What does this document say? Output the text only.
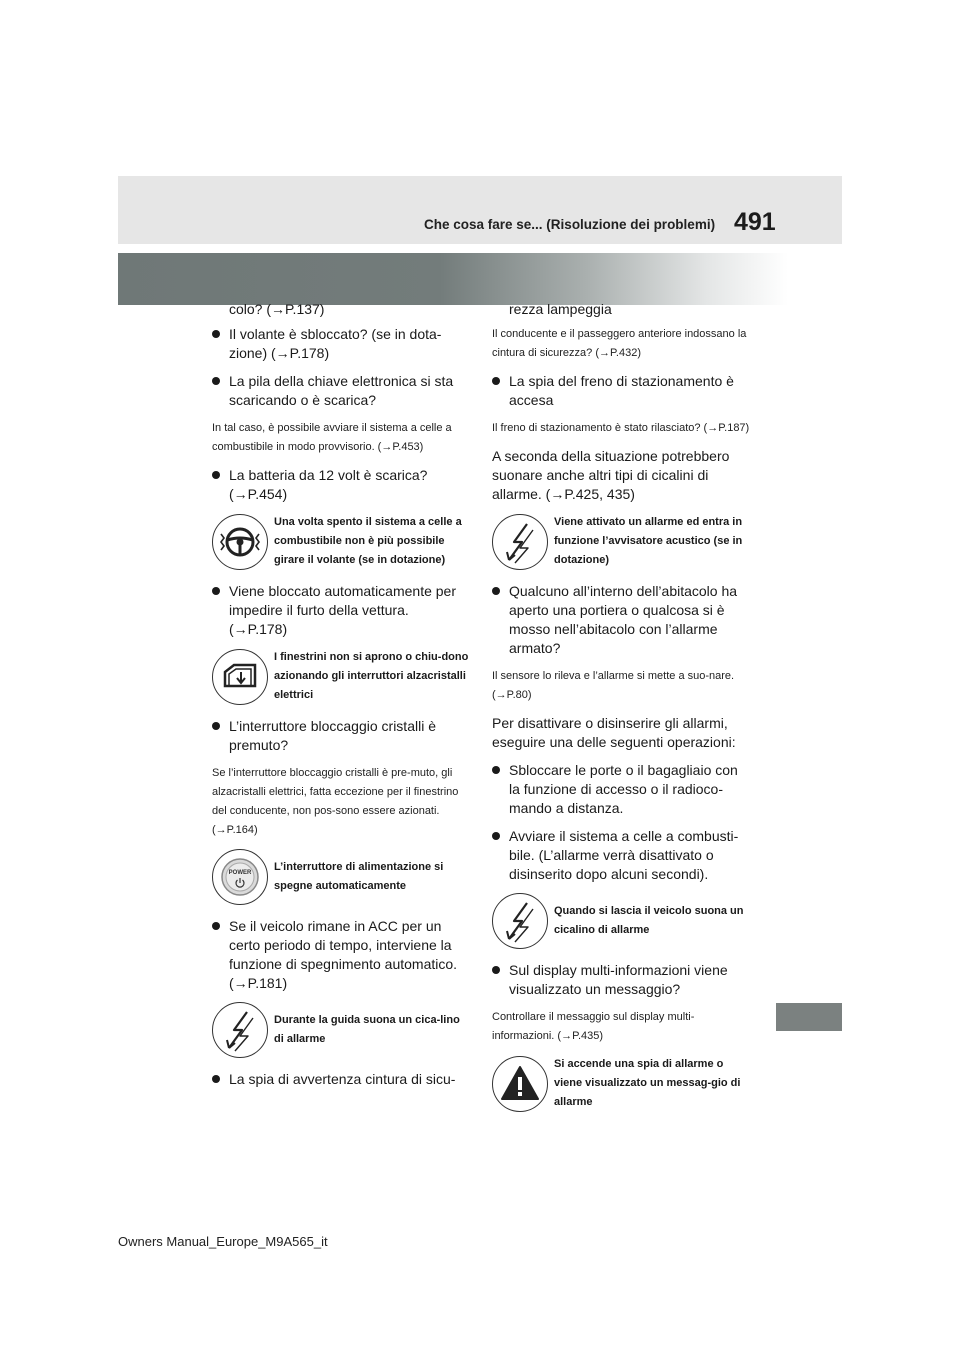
Che cosa fare se... (Risoluzione dei problemi) 491
colo? (→P.137)
Il volante è sbloccato? (se in dota-zione) (→P.178)
La pila della chiave elettronica si sta scaricando o è scarica?
In tal caso, è possibile avviare il sistema a celle a combustibile in modo provvisorio. (→P.453)
La batteria da 12 volt è scarica? (→P.454)
Una volta spento il sistema a celle a combustibile non è più possibile girare il volante (se in dotazione)
Viene bloccato automaticamente per impedire il furto della vettura. (→P.178)
I finestrini non si aprono o chiu-dono azionando gli interruttori alzacristalli elettrici
L’interruttore bloccaggio cristalli è premuto?
Se l’interruttore bloccaggio cristalli è pre-muto, gli alzacristalli elettrici, fatta eccezione per il finestrino del conducente, non pos-sono essere azionati. (→P.164)
POWER L’interruttore di alimentazione si spegne automaticamente
Se il veicolo rimane in ACC per un certo periodo di tempo, interviene la funzione di spegnimento automatico. (→P.181)
Durante la guida suona un cica-lino di allarme
La spia di avvertenza cintura di sicu-
rezza lampeggia
Il conducente e il passeggero anteriore indossano la cintura di sicurezza? (→P.432)
La spia del freno di stazionamento è accesa
Il freno di stazionamento è stato rilasciato? (→P.187)
A seconda della situazione potrebbero suonare anche altri tipi di cicalini di allarme. (→P.425, 435)
Viene attivato un allarme ed entra in funzione l’avvisatore acustico (se in dotazione)
Qualcuno all’interno dell’abitacolo ha aperto una portiera o qualcosa si è mosso nell’abitacolo con l’allarme armato?
Il sensore lo rileva e l’allarme si mette a suo-nare. (→P.80)
Per disattivare o disinserire gli allarmi, eseguire una delle seguenti operazioni:
Sbloccare le porte o il bagagliaio con la funzione di accesso o il radioco-mando a distanza.
Avviare il sistema a celle a combusti-bile. (L’allarme verrà disattivato o disinserito dopo alcuni secondi).
Quando si lascia il veicolo suona un cicalino di allarme
Sul display multi-informazioni viene visualizzato un messaggio?
Controllare il messaggio sul display multi-informazioni. (→P.435)
Si accende una spia di allarme o viene visualizzato un messag-gio di allarme
Owners Manual_Europe_M9A565_it
